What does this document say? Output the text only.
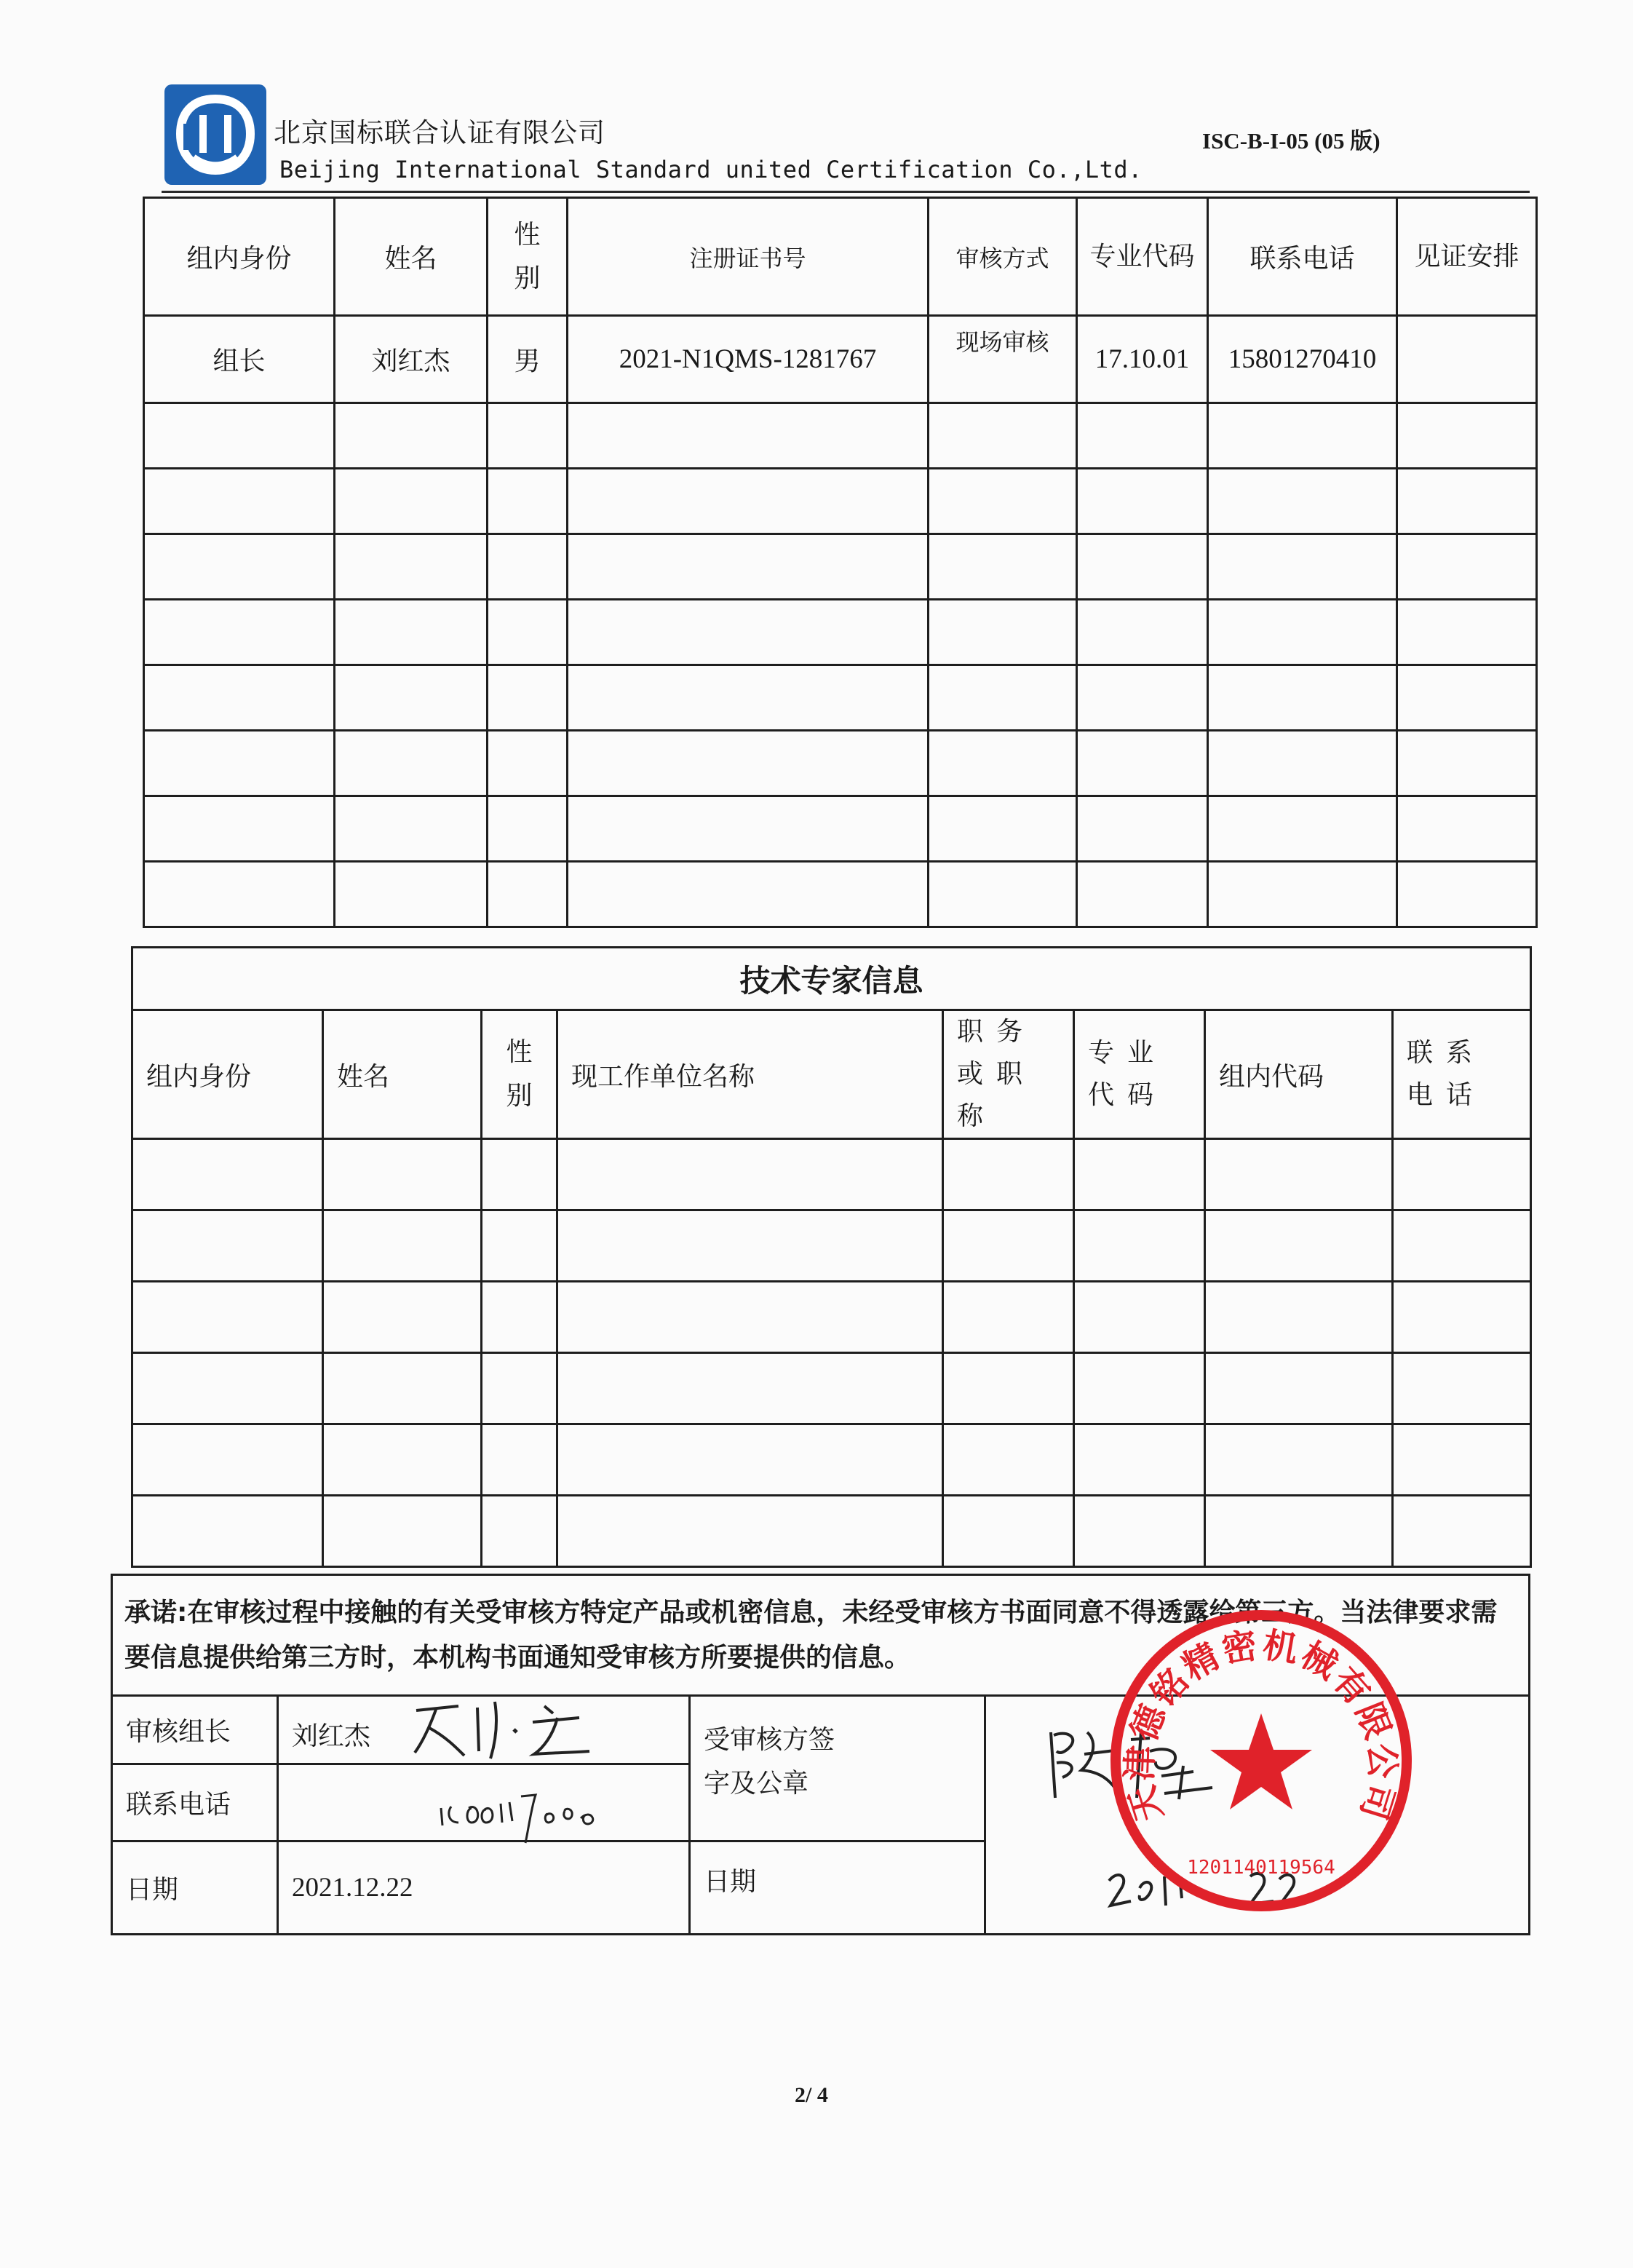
北京国标联合认证有限公司
Beijing International Standard united Certification Co.,Ltd.
ISC-B-I-05 (05 版)
组内身份	姓名	性别	注册证书号	审核方式	专业代码	联系电话	见证安排

组长	刘红杰	男	2021-N1QMS-1281767	现场审核	17.10.01	15801270410	

技术专家信息							
组内身份	姓名	性别	现工作单位名称	职务或职称	专业代码	组内代码	联系电话

承诺:在审核过程中接触的有关受审核方特定产品或机密信息，未经受审核方书面同意不得透露给第三方。当法律要求需要信息提供给第三方时，本机构书面通知受审核方所要提供的信息。			
审核组长	刘红杰	受审核方签字及公章	

联系电话			
日期	2021.12.22	日期	
天津德铭精密机械有限公司
1201140119564
2/ 4
